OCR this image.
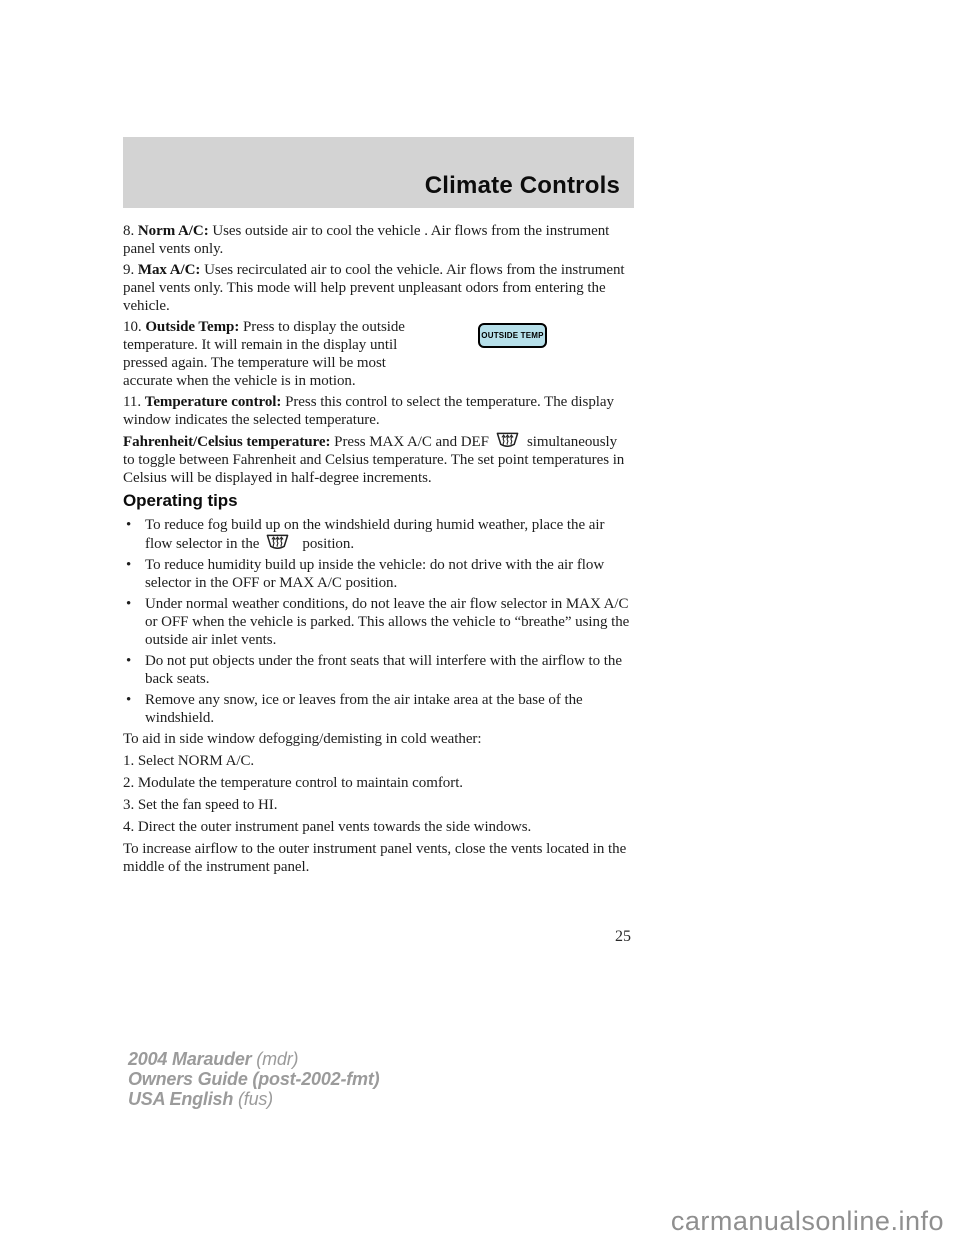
Climate Controls

8. Norm A/C: Uses outside air to cool the vehicle . Air flows from the instrument panel vents only.

9. Max A/C: Uses recirculated air to cool the vehicle. Air flows from the instrument panel vents only. This mode will help prevent unpleasant odors from entering the vehicle.

OUTSIDE TEMP
10. Outside Temp: Press to display the outside temperature. It will remain in the display until pressed again. The temperature will be most accurate when the vehicle is in motion.

11. Temperature control: Press this control to select the temperature. The display window indicates the selected temperature.

Fahrenheit/Celsius temperature: Press MAX A/C and DEF	simultaneously to toggle between Fahrenheit and Celsius temperature. The set point temperatures in Celsius will be displayed in half-degree increments.

Operating tips
• To reduce fog build up on the windshield during humid weather, place the air flow selector in the	position.
• To reduce humidity build up inside the vehicle: do not drive with the air flow selector in the OFF or MAX A/C position.
• Under normal weather conditions, do not leave the air flow selector in MAX A/C or OFF when the vehicle is parked. This allows the vehicle to “breathe” using the outside air inlet vents.
• Do not put objects under the front seats that will interfere with the airflow to the back seats.
• Remove any snow, ice or leaves from the air intake area at the base of the windshield.

To aid in side window defogging/demisting in cold weather:

1. Select NORM A/C.

2. Modulate the temperature control to maintain comfort.

3. Set the fan speed to HI.

4. Direct the outer instrument panel vents towards the side windows.

To increase airflow to the outer instrument panel vents, close the vents located in the middle of the instrument panel.

25
2004 Marauder (mdr)
Owners Guide (post-2002-fmt)
USA English (fus)
carmanualsonline.info
